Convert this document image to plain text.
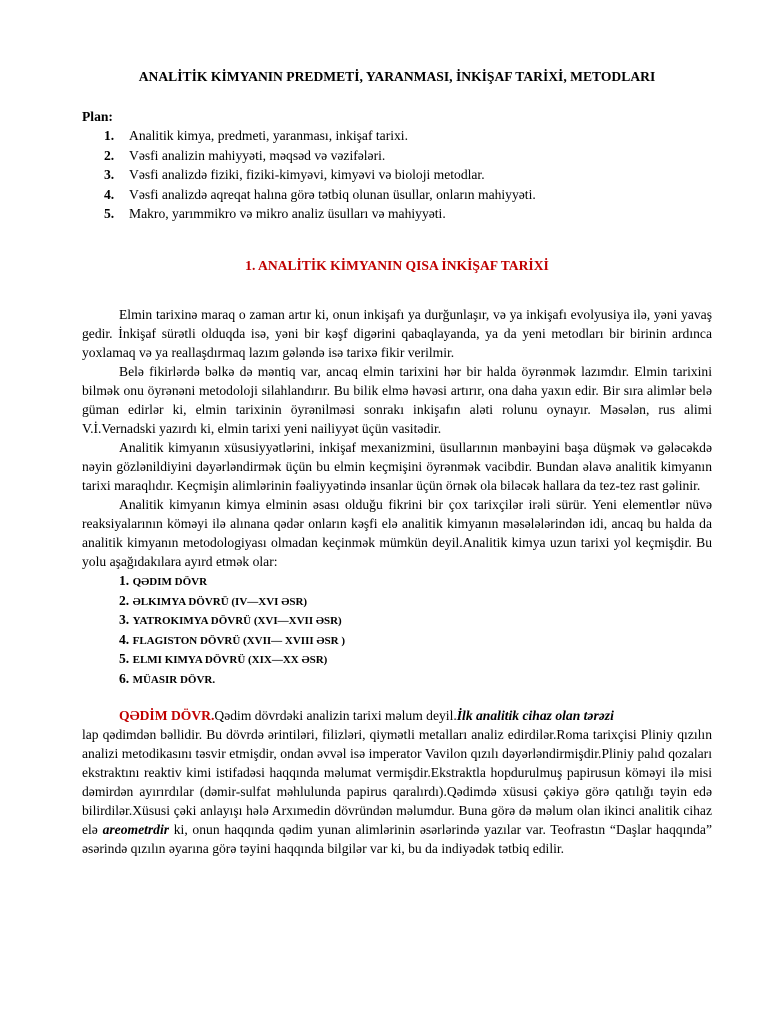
ANALİTİK KİMYANIN PREDMETİ, YARANMASI, İNKİŞAF TARİXİ, METODLARI
Plan:
1. Analitik kimya, predmeti, yaranması, inkişaf tarixi.
2. Vəsfi analizin mahiyyəti, məqsəd və vəzifələri.
3. Vəsfi analizdə fiziki, fiziki-kimyəvi, kimyəvi və bioloji metodlar.
4. Vəsfi analizdə aqreqat halına görə tətbiq olunan üsullar, onların mahiyyəti.
5. Makro, yarımmikro və mikro analiz üsulları və mahiyyəti.
1. ANALİTİK KİMYANIN QISA İNKİŞAF TARİXİ

Elmin tarixinə maraq o zaman artır ki, onun inkişafı ya durğunlaşır, və ya inkişafı evolyusiya ilə, yəni yavaş gedir. İnkişaf sürətli olduqda isə, yəni bir kəşf digərini qabaqlayanda, ya da yeni metodları bir birinin ardınca yoxlamaq və ya reallaşdırmaq lazım gələndə isə tarixə fikir verilmir.

Belə fikirlərdə bəlkə də məntiq var, ancaq elmin tarixini hər bir halda öyrənmək lazımdır. Elmin tarixini bilmək onu öyrənəni metodoloji silahlandırır. Bu bilik elmə həvəsi artırır, ona daha yaxın edir. Bir sıra alimlər belə güman edirlər ki, elmin tarixinin öyrənilməsi sonrakı inkişafın aləti rolunu oynayır. Məsələn, rus alimi V.İ.Vernadski yazırdı ki, elmin tarixi yeni nailiyyət üçün vasitədir.

Analitik kimyanın xüsusiyyətlərini, inkişaf mexanizmini, üsullarının mənbəyini başa düşmək və gələcəkdə nəyin gözlənildiyini dəyərləndirmək üçün bu elmin keçmişini öyrənmək vacibdir. Bundan əlavə analitik kimyanın tarixi maraqlıdır. Keçmişin alimlərinin fəaliyyətində insanlar üçün örnək ola biləcək hallara da tez-tez rast gəlinir.

Analitik kimyanın kimya elminin əsası olduğu fikrini bir çox tarixçilər irəli sürür. Yeni elementlər nüvə reaksiyalarının köməyi ilə alınana qədər onların kəşfi elə analitik kimyanın məsələlərindən idi, ancaq bu halda da analitik kimyanın metodologiyası olmadan keçinmək mümkün deyil.Analitik kimya uzun tarixi yol keçmişdir. Bu yolu aşağıdakılara ayırd etmək olar:

1. QƏDIM DÖVR
2. ƏLKIMYA DÖVRÜ (IV—XVI ƏSR)
3. YATROKIMYA DÖVRÜ (XVI—XVII ƏSR)
4. FLAGISTON DÖVRÜ (XVII— XVIII ƏSR )
5. ELMI KIMYA DÖVRÜ (XIX—XX ƏSR)
6. MÜASIR DÖVR.

QƏDİM DÖVR.Qədim dövrdəki analizin tarixi məlum deyil.İlk analitik cihaz olan tərəzi

lap qədimdən bəllidir. Bu dövrdə ərintiləri, filizləri, qiymətli metalları analiz edirdilər.Roma tarixçisi Pliniy qızılın analizi metodikasını təsvir etmişdir, ondan əvvəl isə imperator Vavilon qızılı dəyərləndirmişdir.Pliniy palıd qozaları ekstraktını reaktiv kimi istifadəsi haqqında məlumat vermişdir.Ekstraktla hopdurulmuş papirusun köməyi ilə misi dəmirdən ayırırdılar (dəmir-sulfat məhlulunda papirus qaralırdı).Qədimdə xüsusi çəkiyə görə qatılığı təyin edə bilirdilər.Xüsusi çəki anlayışı hələ Arxımedin dövründən məlumdur. Buna görə də məlum olan ikinci analitik cihaz elə areometrdir ki, onun haqqında qədim yunan alimlərinin əsərlərində yazılar var. Teofrastın “Daşlar haqqında” əsərində qızılın əyarına görə təyini haqqında bilgilər var ki, bu da indiyədək tətbiq edilir.
